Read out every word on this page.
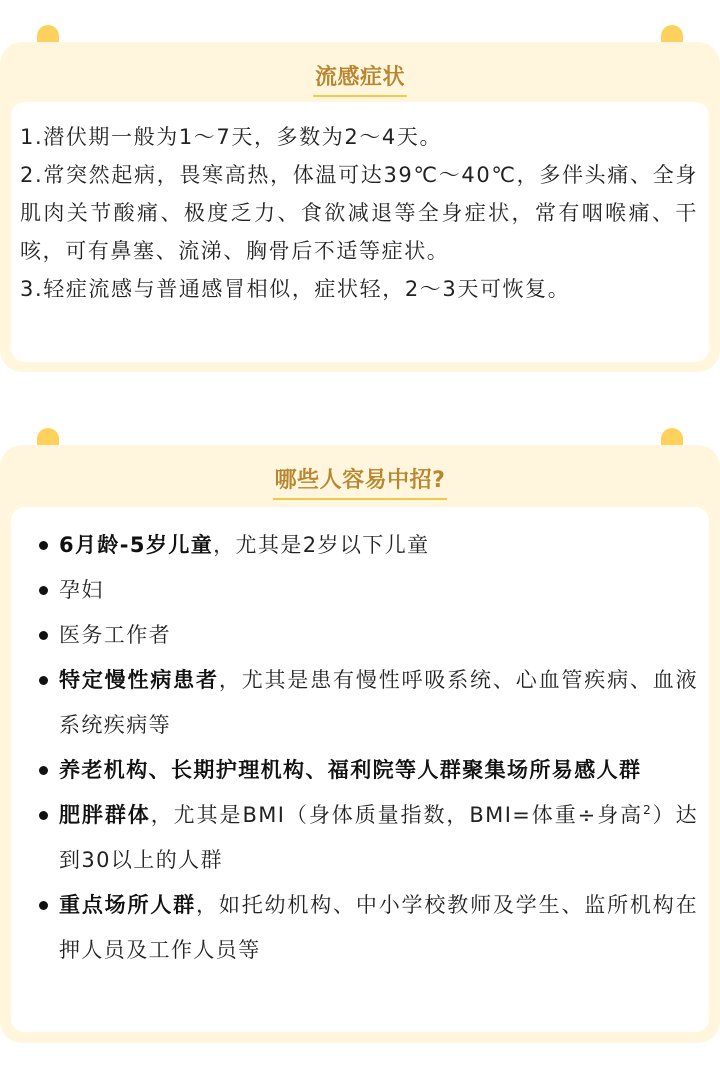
流感症状

1.潜伏期一般为1～7天，多数为2～4天。

2.常突然起病，畏寒高热，体温可达39℃～40℃，多伴头痛、全身肌肉关节酸痛、极度乏力、食欲减退等全身症状，常有咽喉痛、干咳，可有鼻塞、流涕、胸骨后不适等症状。

3.轻症流感与普通感冒相似，症状轻，2～3天可恢复。

哪些人容易中招?
6月龄-5岁儿童，尤其是2岁以下儿童
孕妇
医务工作者
特定慢性病患者，尤其是患有慢性呼吸系统、心血管疾病、血液系统疾病等
养老机构、长期护理机构、福利院等人群聚集场所易感人群
肥胖群体，尤其是BMI（身体质量指数，BMI=体重÷身高$^2$）达到30以上的人群
重点场所人群，如托幼机构、中小学校教师及学生、监所机构在押人员及工作人员等
